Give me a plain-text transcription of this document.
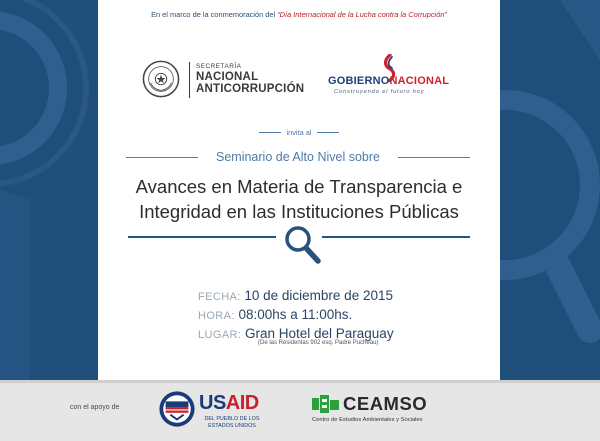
En el marco de la conmemoración del “Día Internacional de la Lucha contra la Corrupción”
SECRETARÍA
NACIONAL
ANTICORRUPCIÓN
GOBIERNONACIONAL
Construyendo el futuro hoy
invita al
Seminario de Alto Nivel sobre
Avances en Materia de Transparencia e
Integridad en las Instituciones Públicas
FECHA: 10 de diciembre de 2015
HORA: 08:00hs a 11:00hs.
LUGAR: Gran Hotel del Paraguay
(De las Residentas 902 esq. Padre Pucheau)
con el apoyo de	USAID
DEL PUEBLO DE LOS ESTADOS UNIDOS
CEAMSO
Centro de Estudios Ambientales y Sociales
